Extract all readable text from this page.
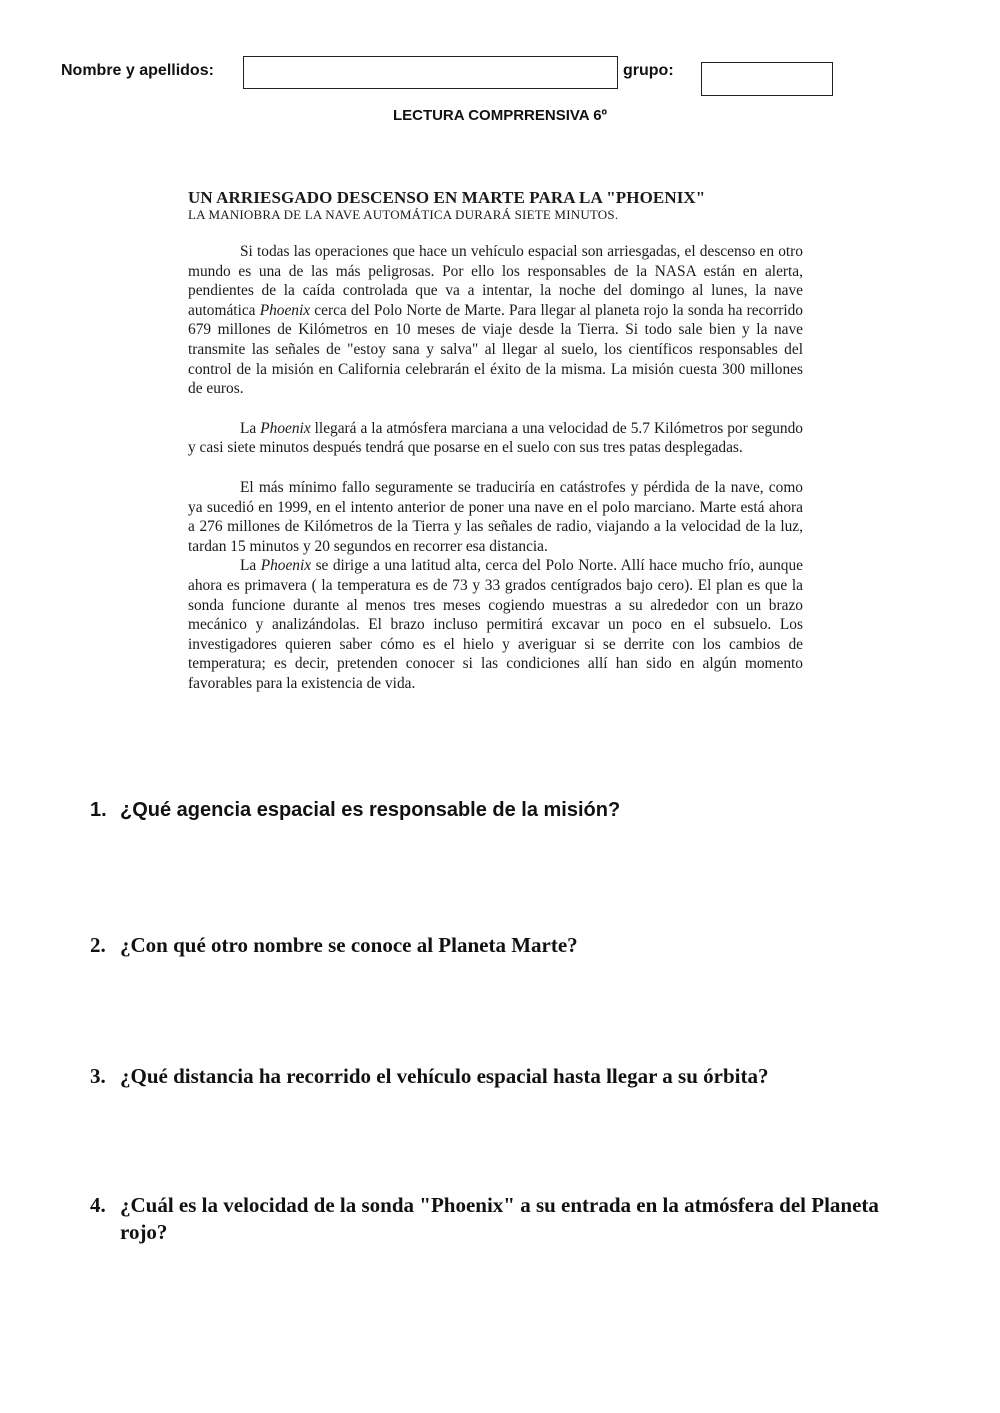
Nombre y apellidos:	grupo:
LECTURA COMPRRENSIVA 6º
UN ARRIESGADO DESCENSO EN MARTE PARA LA "PHOENIX"
LA MANIOBRA DE LA NAVE AUTOMÁTICA DURARÁ SIETE MINUTOS.

Si todas las operaciones que hace un vehículo espacial son arriesgadas, el descenso en otro mundo es una de las más peligrosas. Por ello los responsables de la NASA están en alerta, pendientes de la caída controlada que va a intentar, la noche del domingo al lunes, la nave automática Phoenix cerca del Polo Norte de Marte. Para llegar al planeta rojo la sonda ha recorrido 679 millones de Kilómetros en 10 meses de viaje desde la Tierra. Si todo sale bien y la nave transmite las señales de "estoy sana y salva" al llegar al suelo, los científicos responsables del control de la misión en California celebrarán el éxito de la misma. La misión cuesta 300 millones de euros.

La Phoenix llegará a la atmósfera marciana a una velocidad de 5.7 Kilómetros por segundo y casi siete minutos después tendrá que posarse en el suelo con sus tres patas desplegadas.

El más mínimo fallo seguramente se traduciría en catástrofes y pérdida de la nave, como ya sucedió en 1999, en el intento anterior de poner una nave en el polo marciano. Marte está ahora a 276 millones de Kilómetros de la Tierra y las señales de radio, viajando a la velocidad de la luz, tardan 15 minutos y 20 segundos en recorrer esa distancia.

La Phoenix se dirige a una latitud alta, cerca del Polo Norte. Allí hace mucho frío, aunque ahora es primavera ( la temperatura es de 73 y 33 grados centígrados bajo cero). El plan es que la sonda funcione durante al menos tres meses cogiendo muestras a su alrededor con un brazo mecánico y analizándolas. El brazo incluso permitirá excavar un poco en el subsuelo. Los investigadores quieren saber cómo es el hielo y averiguar si se derrite con los cambios de temperatura; es decir, pretenden conocer si las condiciones allí han sido en algún momento favorables para la existencia de vida.

1. ¿Qué agencia espacial es responsable de la misión?
2. ¿Con qué otro nombre se conoce al Planeta Marte?
3. ¿Qué distancia ha recorrido el vehículo espacial hasta llegar a su órbita?
4. ¿Cuál es la velocidad de la sonda "Phoenix" a su entrada en la atmósfera del Planeta rojo?
